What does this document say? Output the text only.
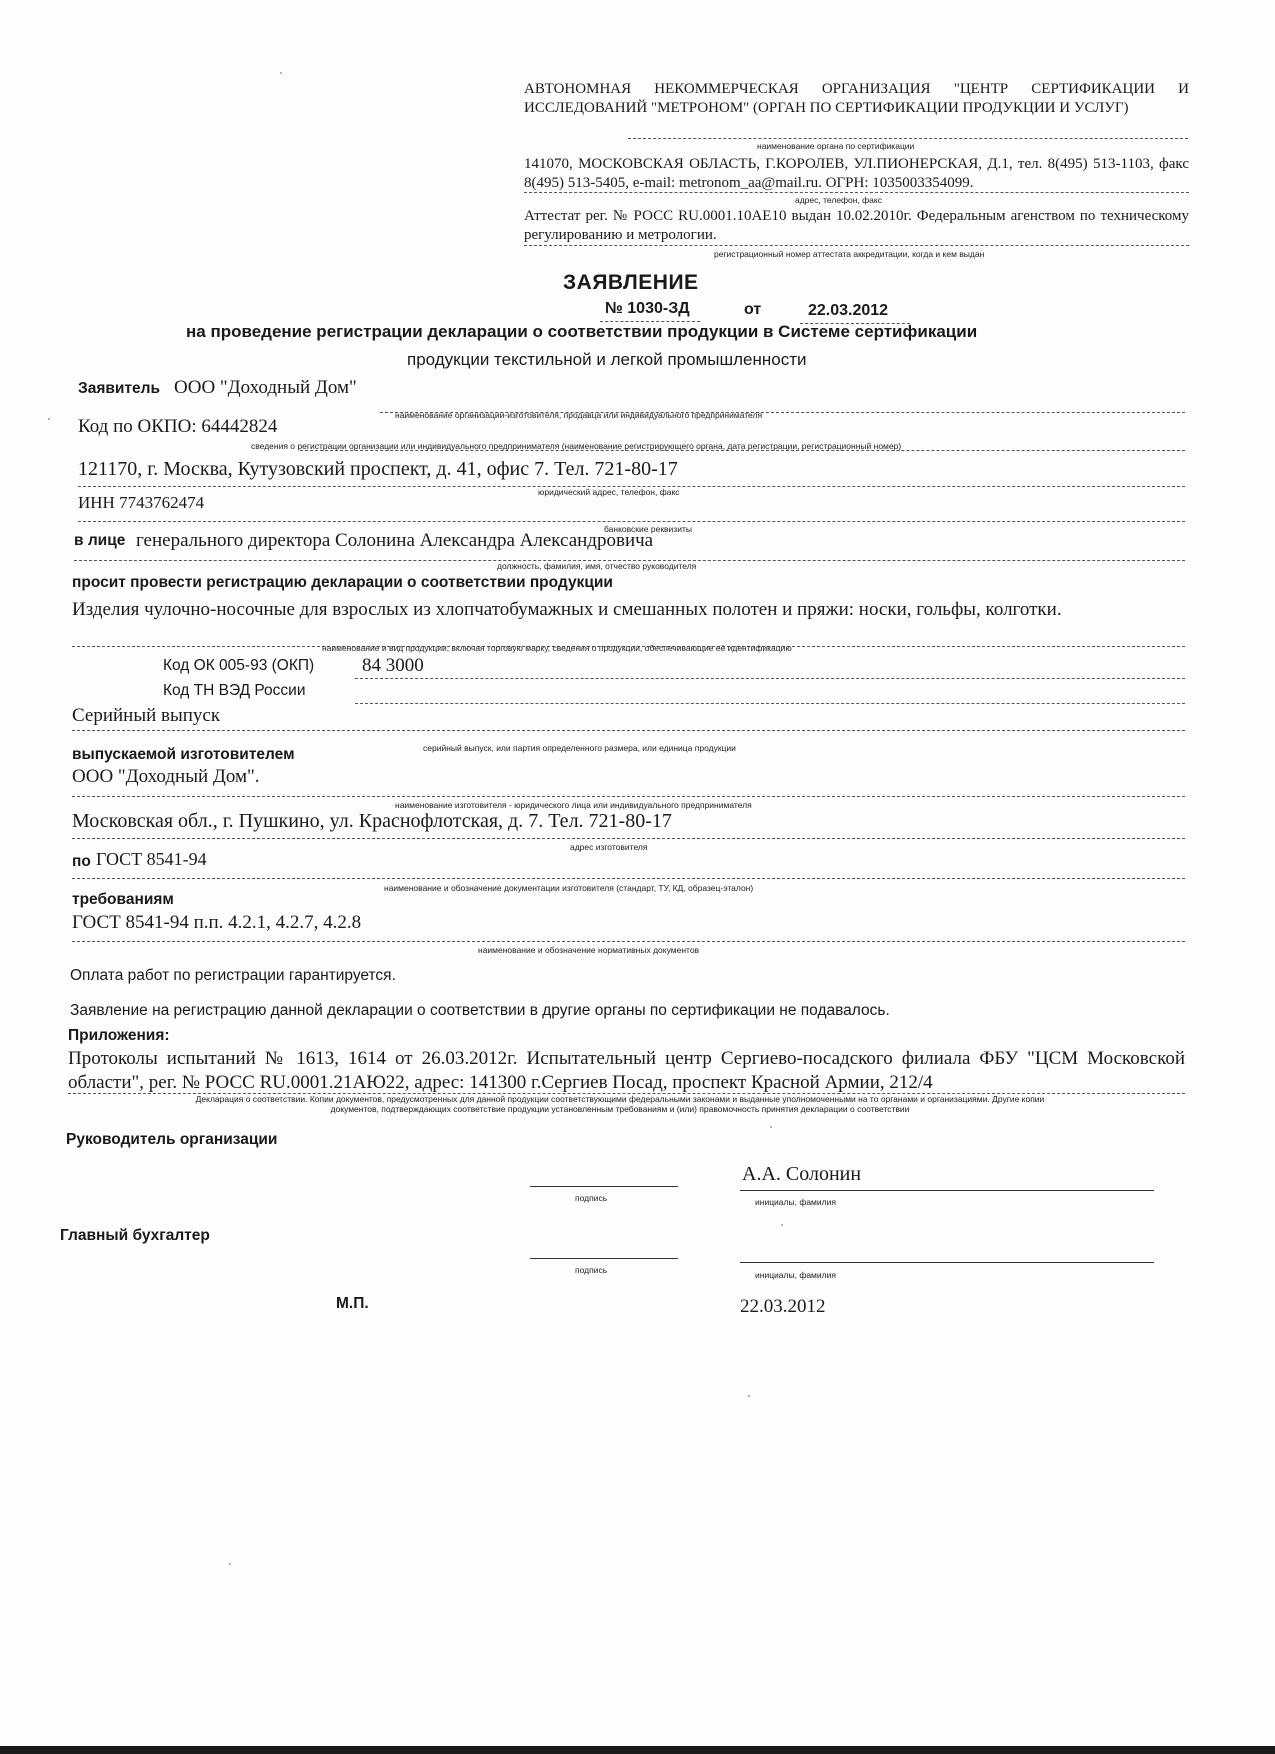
АВТОНОМНАЯ НЕКОММЕРЧЕСКАЯ ОРГАНИЗАЦИЯ "ЦЕНТР СЕРТИФИКАЦИИ И ИССЛЕДОВАНИЙ "МЕТРОНОМ" (ОРГАН ПО СЕРТИФИКАЦИИ ПРОДУКЦИИ И УСЛУГ)
наименование органа по сертификации
141070, МОСКОВСКАЯ ОБЛАСТЬ, Г.КОРОЛЕВ, УЛ.ПИОНЕРСКАЯ, Д.1, тел. 8(495) 513-1103, факс 8(495) 513-5405, e-mail: metronom_aa@mail.ru. ОГРН: 1035003354099.
адрес, телефон, факс
Аттестат рег. № РОСС RU.0001.10АЕ10 выдан 10.02.2010г. Федеральным агенством по техническому регулированию и метрологии.
регистрационный номер аттестата аккредитации, когда и кем выдан
ЗАЯВЛЕНИЕ
№ 1030-ЗД	от	22.03.2012
на проведение регистрации декларации о соответствии продукции в Системе сертификации
продукции текстильной и легкой промышленности
Заявитель ООО "Доходный Дом"
наименование организации-изготовителя, продавца или индивидуального предпринимателя
Код по ОКПО: 64442824
сведения о регистрации организации или индивидуального предпринимателя (наименование регистрирующего органа, дата регистрации, регистрационный номер)
121170, г. Москва, Кутузовский проспект, д. 41, офис 7. Тел. 721-80-17
юридический адрес, телефон, факс
ИНН 7743762474
банковские реквизиты
в лице генерального директора Солонина Александра Александровича
должность, фамилия, имя, отчество руководителя
просит провести регистрацию декларации о соответствии продукции
Изделия чулочно-носочные для взрослых из хлопчатобумажных и смешанных полотен и пряжи: носки, гольфы, колготки.
наименование и вид продукции, включая торговую марку, сведения о продукции, обеспечивающие её идентификацию
Код ОК 005-93 (ОКП)	84 3000
Код ТН ВЭД России
Серийный выпуск
серийный выпуск, или партия определенного размера, или единица продукции
выпускаемой изготовителем
ООО "Доходный Дом".
наименование изготовителя - юридического лица или индивидуального предпринимателя
Московская обл., г. Пушкино, ул. Краснофлотская, д. 7. Тел. 721-80-17
адрес изготовителя
по ГОСТ 8541-94
наименование и обозначение документации изготовителя (стандарт, ТУ, КД, образец-эталон)
требованиям
ГОСТ 8541-94 п.п. 4.2.1, 4.2.7, 4.2.8
наименование и обозначение нормативных документов
Оплата работ по регистрации гарантируется.
Заявление на регистрацию данной декларации о соответствии в другие органы по сертификации не подавалось.
Приложения:
Протоколы испытаний № 1613, 1614 от 26.03.2012г. Испытательный центр Сергиево-посадского филиала ФБУ "ЦСМ Московской области", рег. № РОСС RU.0001.21АЮ22, адрес: 141300 г.Сергиев Посад, проспект Красной Армии, 212/4
Декларация о соответствии. Копии документов, предусмотренных для данной продукции соответствующими федеральными законами и выданные уполномоченными на то органами и организациями. Другие копии
документов, подтверждающих соответствие продукции установленным требованиям и (или) правомочность принятия декларации о соответствии
Руководитель организации
подпись
А.А. Солонин
инициалы, фамилия
Главный бухгалтер
подпись	инициалы, фамилия
М.П.	22.03.2012
